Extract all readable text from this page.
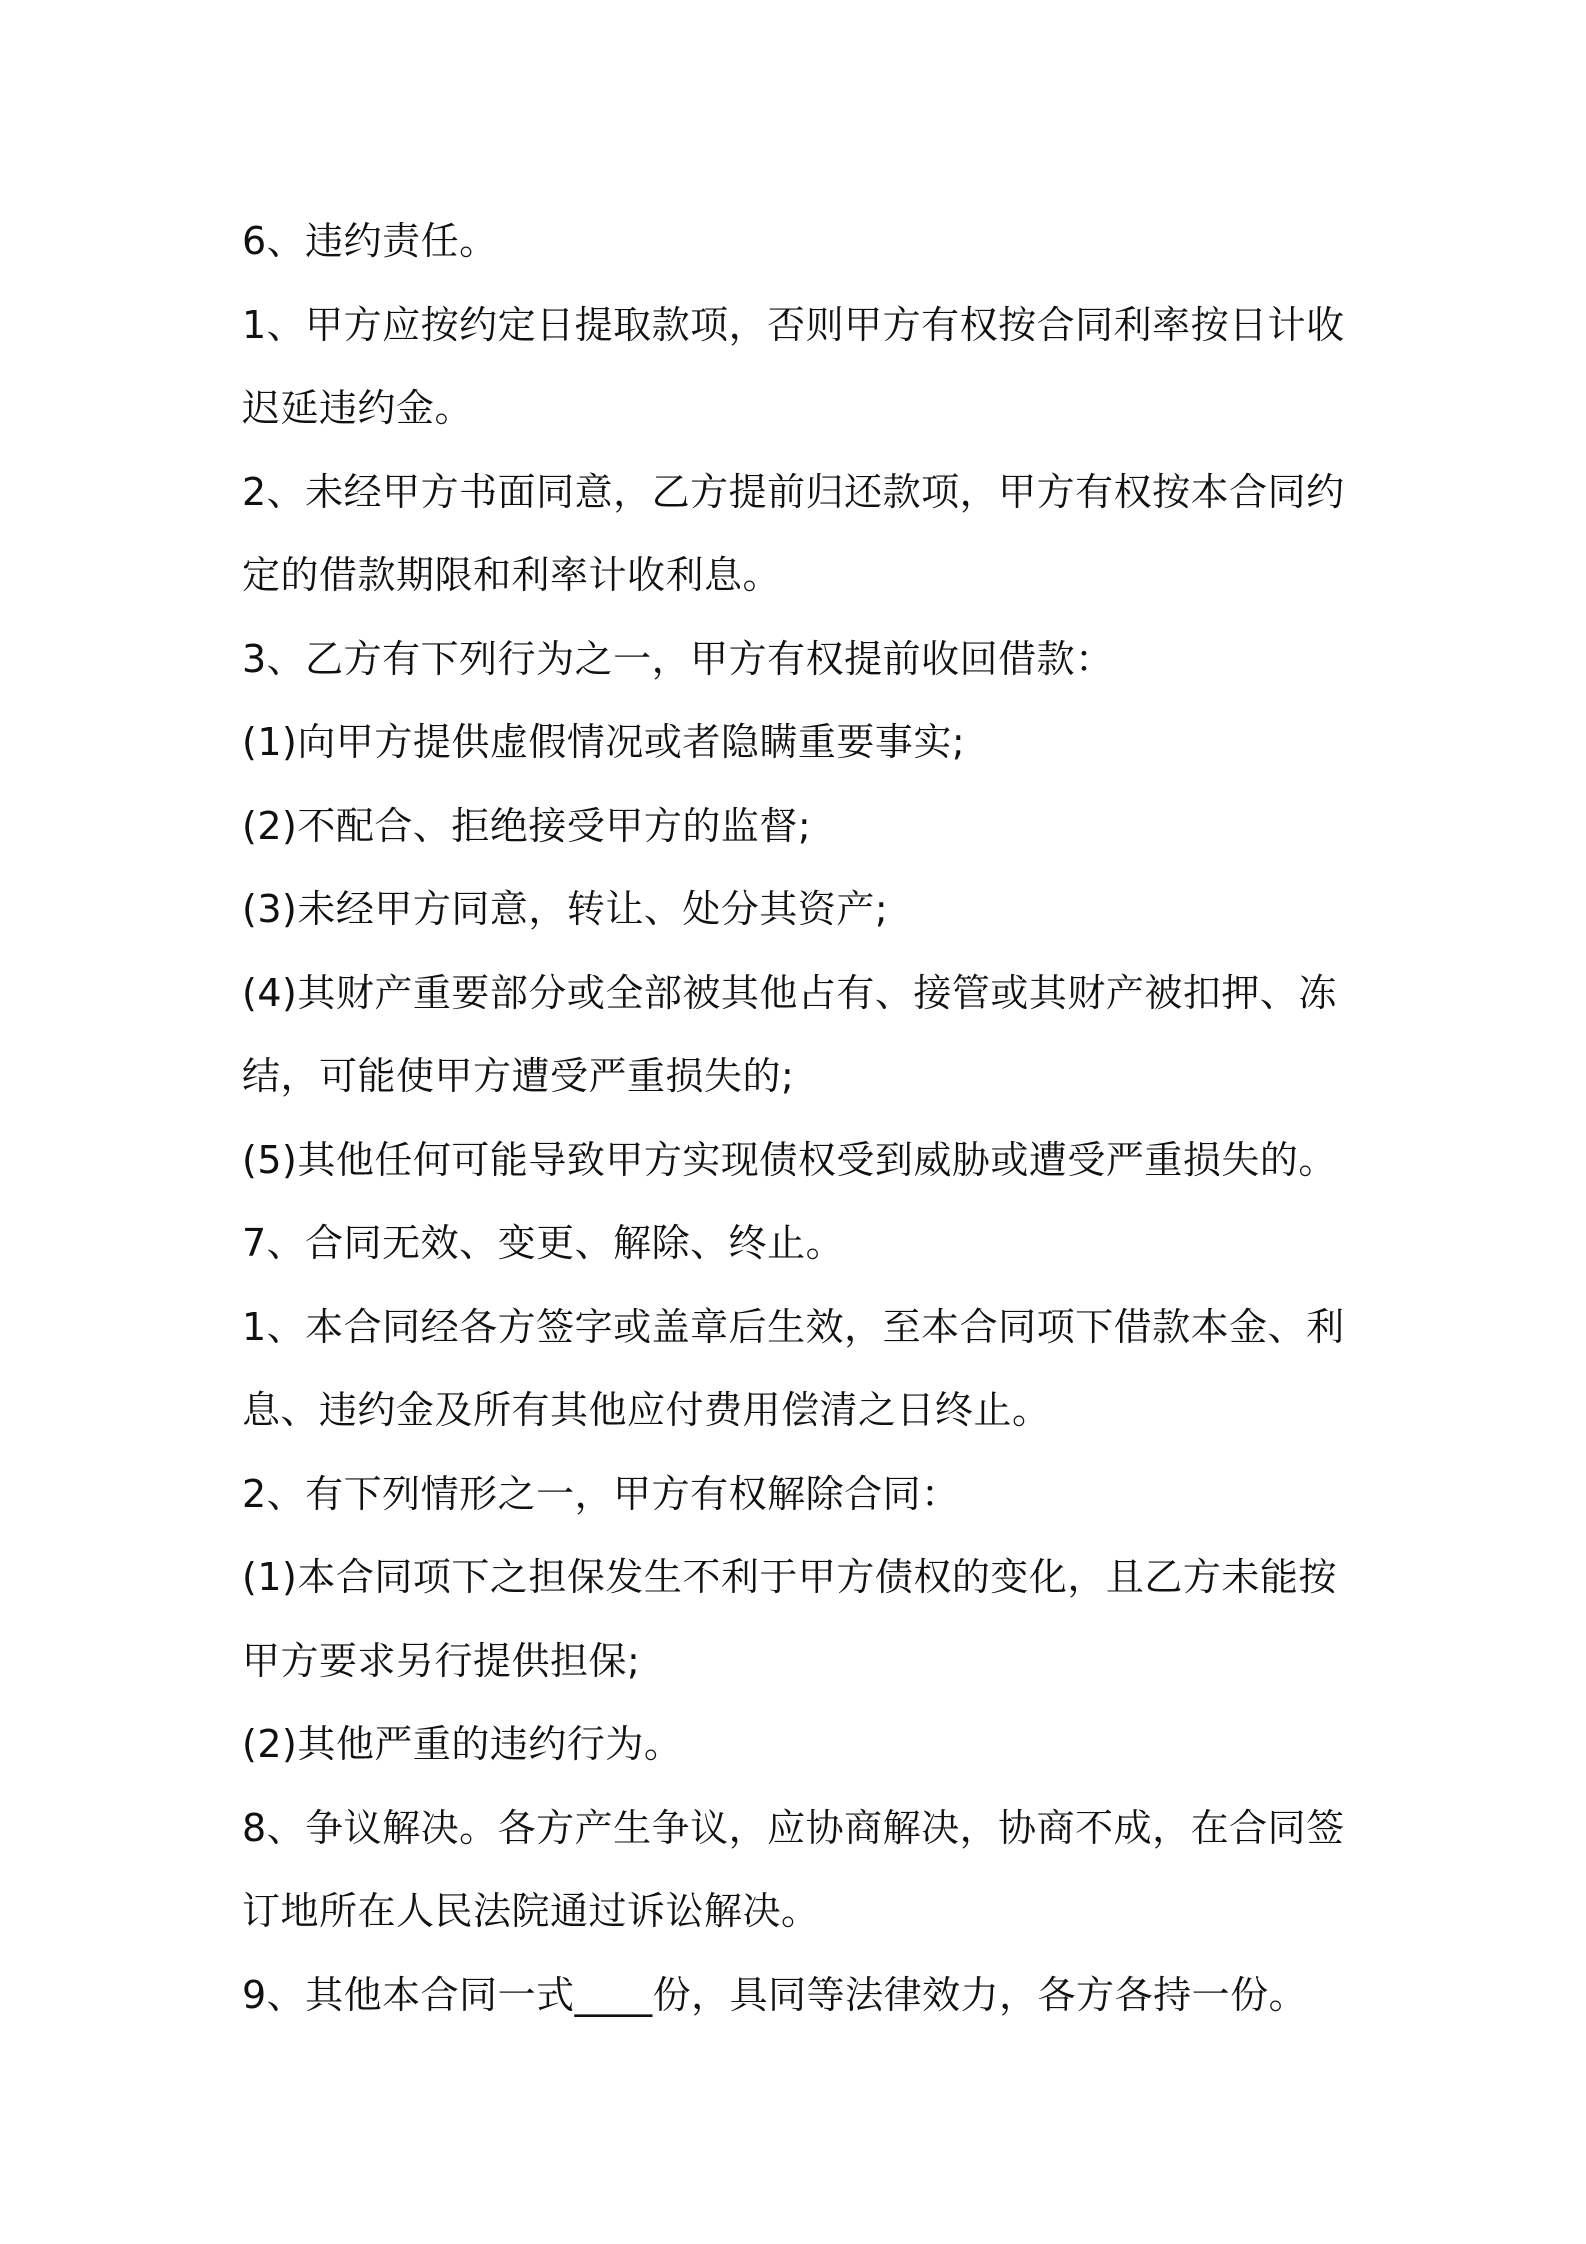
6、违约责任。

1、甲方应按约定日提取款项，否则甲方有权按合同利率按日计收迟延违约金。

2、未经甲方书面同意，乙方提前归还款项，甲方有权按本合同约定的借款期限和利率计收利息。

3、乙方有下列行为之一，甲方有权提前收回借款：

(1)向甲方提供虚假情况或者隐瞒重要事实;

(2)不配合、拒绝接受甲方的监督;

(3)未经甲方同意，转让、处分其资产;

(4)其财产重要部分或全部被其他占有、接管或其财产被扣押、冻结，可能使甲方遭受严重损失的;

(5)其他任何可能导致甲方实现债权受到威胁或遭受严重损失的。

7、合同无效、变更、解除、终止。

1、本合同经各方签字或盖章后生效，至本合同项下借款本金、利息、违约金及所有其他应付费用偿清之日终止。

2、有下列情形之一，甲方有权解除合同：

(1)本合同项下之担保发生不利于甲方债权的变化，且乙方未能按甲方要求另行提供担保;

(2)其他严重的违约行为。

8、争议解决。各方产生争议，应协商解决，协商不成，在合同签订地所在人民法院通过诉讼解决。

9、其他本合同一式____份，具同等法律效力，各方各持一份。
